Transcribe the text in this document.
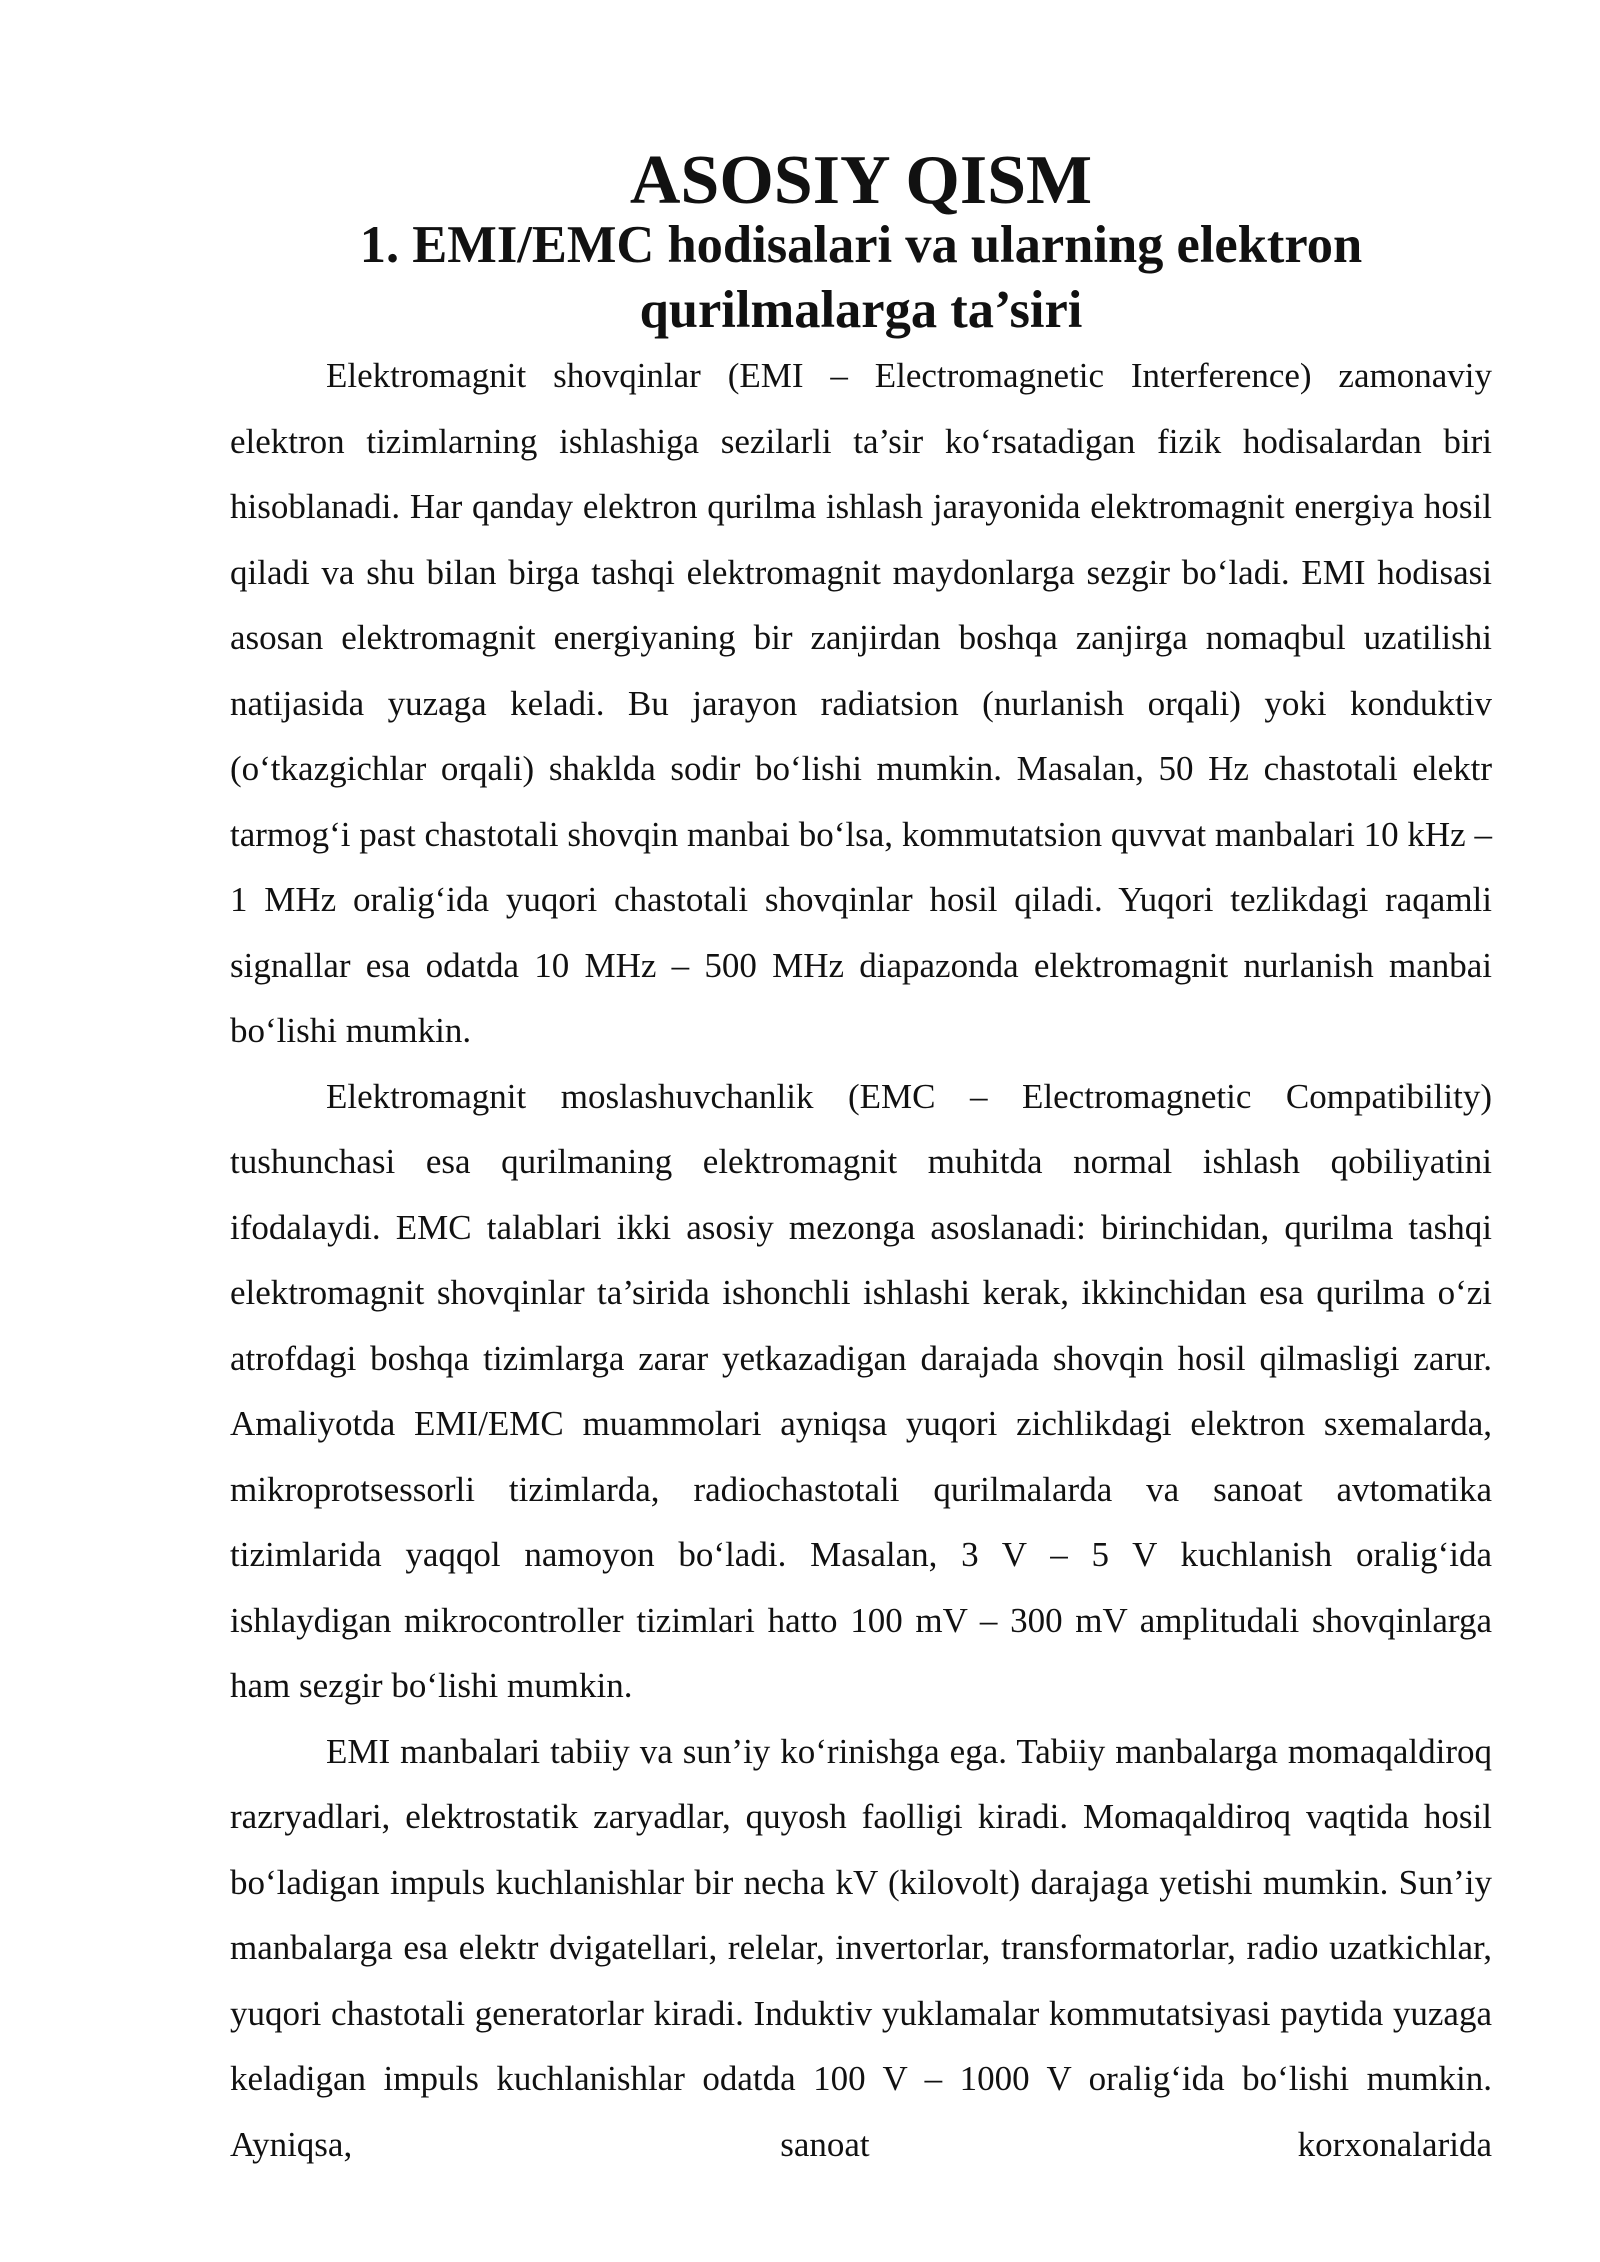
ASOSIY QISM
1. EMI/EMC hodisalari va ularning elektron qurilmalarga ta’siri

Elektromagnit shovqinlar (EMI – Electromagnetic Interference) zamonaviy elektron tizimlarning ishlashiga sezilarli ta’sir ko‘rsatadigan fizik hodisalardan biri hisoblanadi. Har qanday elektron qurilma ishlash jarayonida elektromagnit energiya hosil qiladi va shu bilan birga tashqi elektromagnit maydonlarga sezgir bo‘ladi. EMI hodisasi asosan elektromagnit energiyaning bir zanjirdan boshqa zanjirga nomaqbul uzatilishi natijasida yuzaga keladi. Bu jarayon radiatsion (nurlanish orqali) yoki konduktiv (o‘tkazgichlar orqali) shaklda sodir bo‘lishi mumkin. Masalan, 50 Hz chastotali elektr tarmog‘i past chastotali shovqin manbai bo‘lsa, kommutatsion quvvat manbalari 10 kHz – 1 MHz oralig‘ida yuqori chastotali shovqinlar hosil qiladi. Yuqori tezlikdagi raqamli signallar esa odatda 10 MHz – 500 MHz diapazonda elektromagnit nurlanish manbai bo‘lishi mumkin.

Elektromagnit moslashuvchanlik (EMC – Electromagnetic Compatibility) tushunchasi esa qurilmaning elektromagnit muhitda normal ishlash qobiliyatini ifodalaydi. EMC talablari ikki asosiy mezonga asoslanadi: birinchidan, qurilma tashqi elektromagnit shovqinlar ta’sirida ishonchli ishlashi kerak, ikkinchidan esa qurilma o‘zi atrofdagi boshqa tizimlarga zarar yetkazadigan darajada shovqin hosil qilmasligi zarur. Amaliyotda EMI/EMC muammolari ayniqsa yuqori zichlikdagi elektron sxemalarda, mikroprotsessorli tizimlarda, radiochastotali qurilmalarda va sanoat avtomatika tizimlarida yaqqol namoyon bo‘ladi. Masalan, 3 V – 5 V kuchlanish oralig‘ida ishlaydigan mikrocontroller tizimlari hatto 100 mV – 300 mV amplitudali shovqinlarga ham sezgir bo‘lishi mumkin.

EMI manbalari tabiiy va sun’iy ko‘rinishga ega. Tabiiy manbalarga momaqaldiroq razryadlari, elektrostatik zaryadlar, quyosh faolligi kiradi. Momaqaldiroq vaqtida hosil bo‘ladigan impuls kuchlanishlar bir necha kV (kilovolt) darajaga yetishi mumkin. Sun’iy manbalarga esa elektr dvigatellari, relelar, invertorlar, transformatorlar, radio uzatkichlar, yuqori chastotali generatorlar kiradi. Induktiv yuklamalar kommutatsiyasi paytida yuzaga keladigan impuls kuchlanishlar odatda 100 V – 1000 V oralig‘ida bo‘lishi mumkin. Ayniqsa, sanoat korxonalarida
